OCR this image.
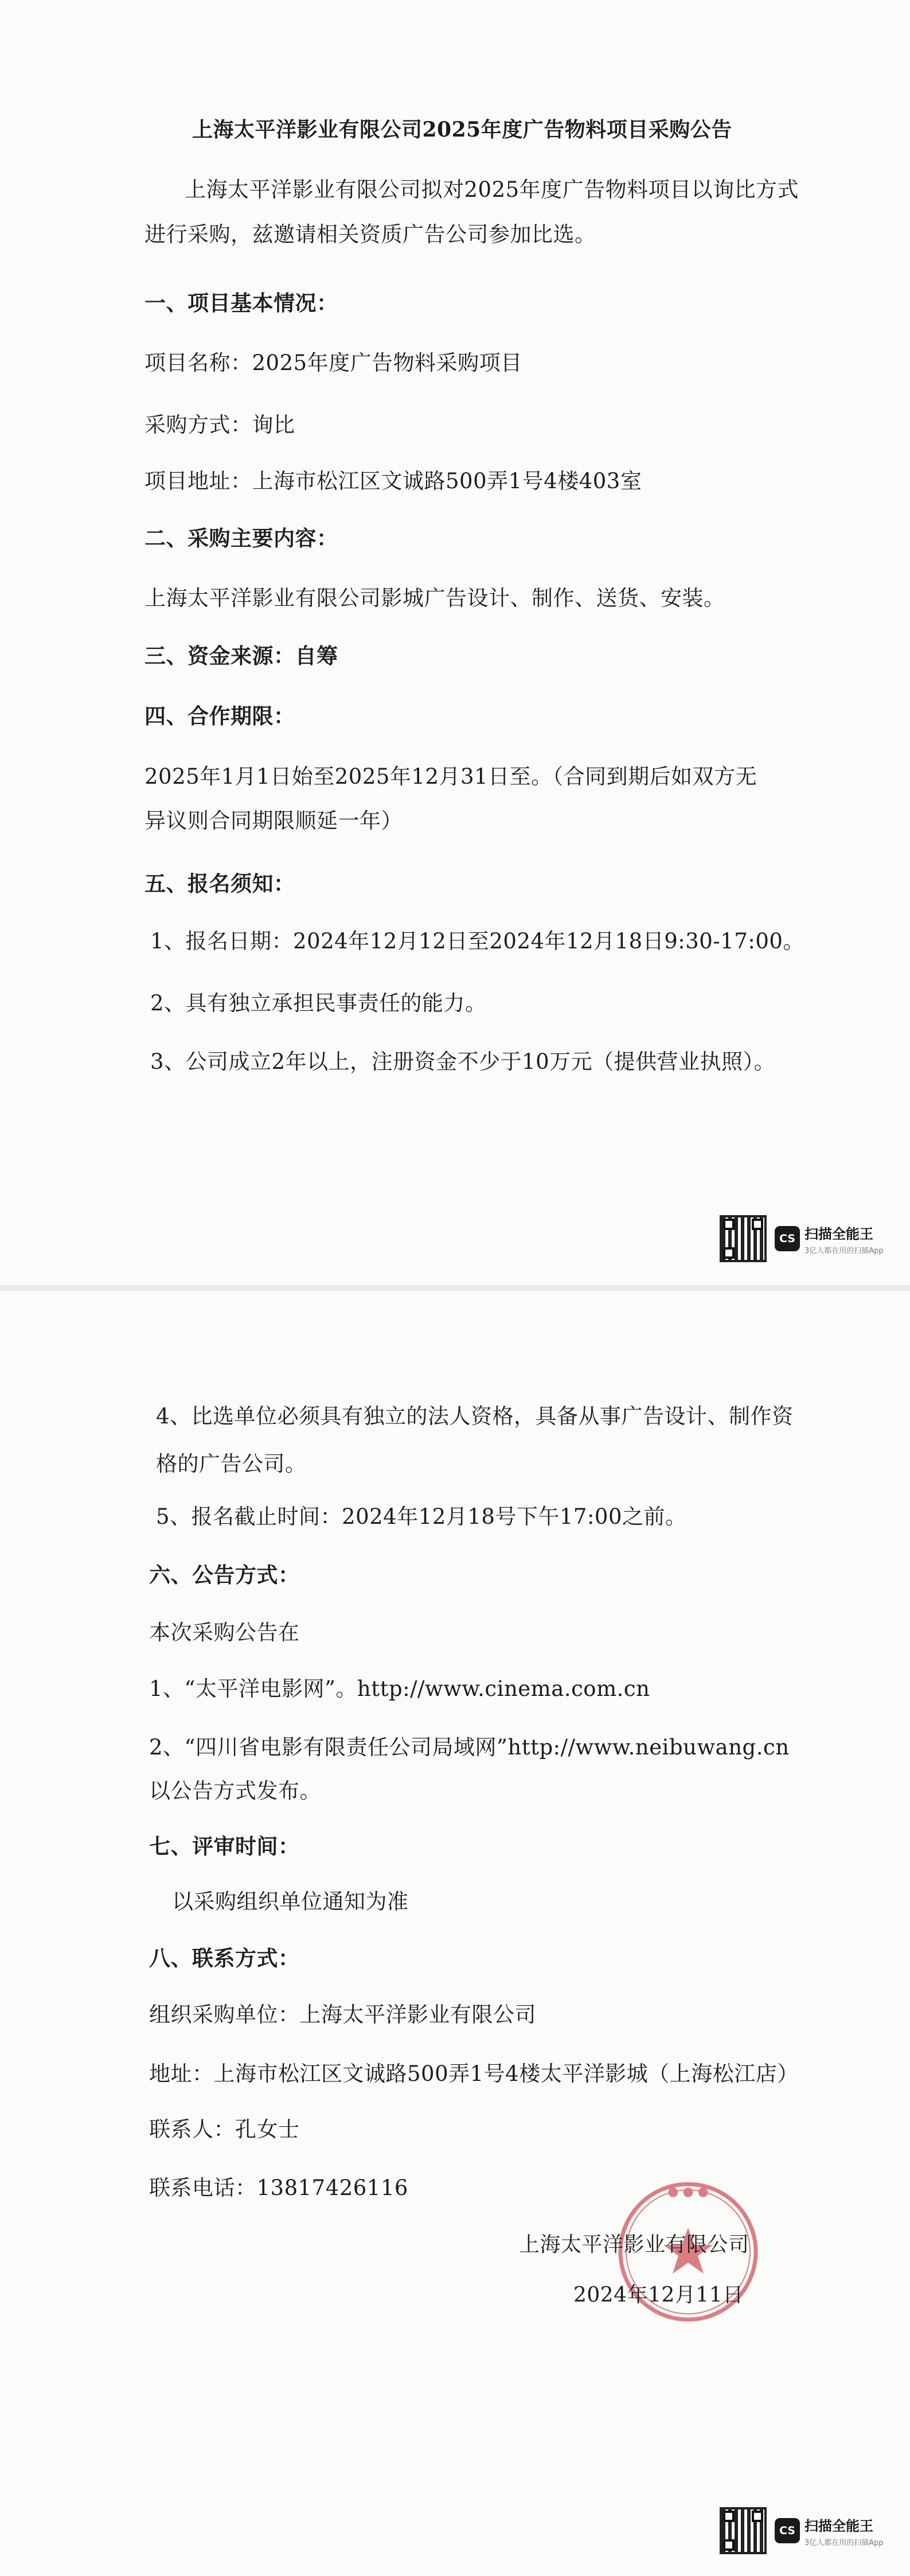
上海太平洋影业有限公司2025年度广告物料项目采购公告
上海太平洋影业有限公司拟对2025年度广告物料项目以询比方式
进行采购，兹邀请相关资质广告公司参加比选。
一、项目基本情况：
项目名称：2025年度广告物料采购项目
采购方式：询比
项目地址：上海市松江区文诚路500弄1号4楼403室
二、采购主要内容：
上海太平洋影业有限公司影城广告设计、制作、送货、安装。
三、资金来源：自筹
四、合作期限：
2025年1月1日始至2025年12月31日至。（合同到期后如双方无
异议则合同期限顺延一年）
五、报名须知：
1、报名日期：2024年12月12日至2024年12月18日9:30-17:00。
2、具有独立承担民事责任的能力。
3、公司成立2年以上，注册资金不少于10万元（提供营业执照）。
CS 扫描全能王
3亿人都在用的扫描App
4、比选单位必须具有独立的法人资格，具备从事广告设计、制作资
格的广告公司。
5、报名截止时间：2024年12月18号下午17:00之前。
六、公告方式：
本次采购公告在
1、“太平洋电影网”。http://www.cinema.com.cn
2、“四川省电影有限责任公司局域网”http://www.neibuwang.cn
以公告方式发布。
七、评审时间：
以采购组织单位通知为准
八、联系方式：
组织采购单位：上海太平洋影业有限公司
地址：上海市松江区文诚路500弄1号4楼太平洋影城（上海松江店）
联系人：孔女士
联系电话：13817426116	● ● ●
上海太平洋影业有限公司
2024年12月11日
CS 扫描全能王
3亿人都在用的扫描App
